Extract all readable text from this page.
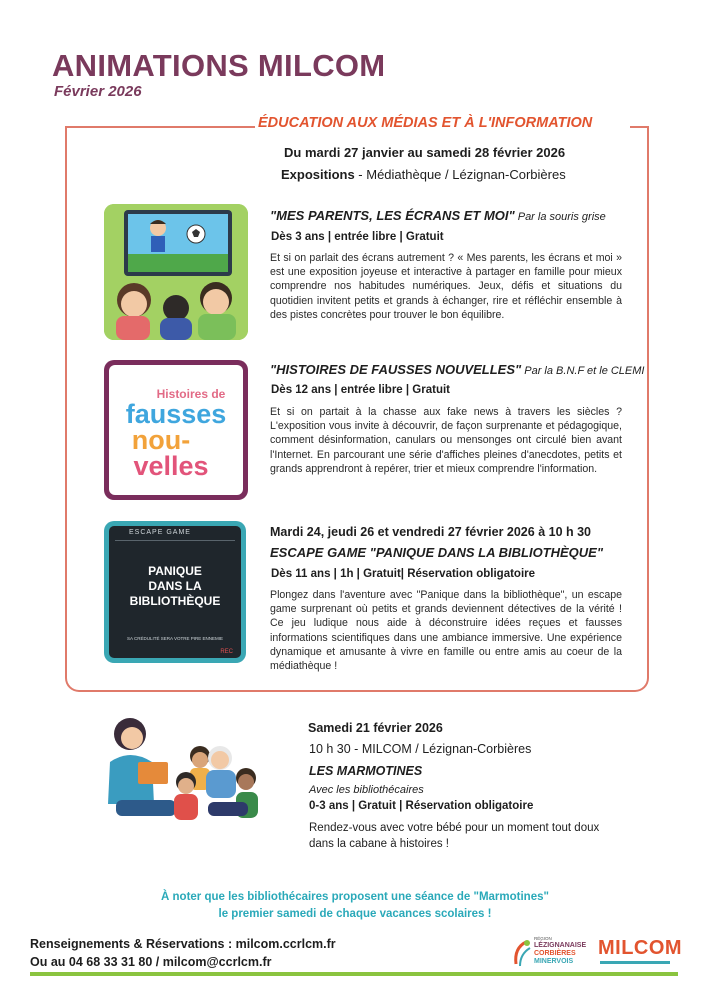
ANIMATIONS MILCOM
Février 2026
ÉDUCATION AUX MÉDIAS ET À L'INFORMATION
Du mardi 27 janvier au samedi 28 février 2026
Expositions - Médiathèque / Lézignan-Corbières
"MES PARENTS, LES ÉCRANS ET MOI" Par la souris grise
Dès 3 ans | entrée libre | Gratuit
Et si on parlait des écrans autrement ? « Mes parents, les écrans et moi » est une exposition joyeuse et interactive à partager en famille pour mieux comprendre nos habitudes numériques. Jeux, défis et situations du quotidien invitent petits et grands à échanger, rire et réfléchir ensemble à des pistes concrètes pour trouver le bon équilibre.
Histoires de
fausses
nou-
velles
"HISTOIRES DE FAUSSES NOUVELLES" Par la B.N.F et le CLEMI
Dès 12 ans | entrée libre | Gratuit
Et si on partait à la chasse aux fake news à travers les siècles ? L'exposition vous invite à découvrir, de façon surprenante et pédagogique, comment désinformation, canulars ou mensonges ont circulé bien avant l'Internet. En parcourant une série d'affiches pleines d'anecdotes, petits et grands apprendront à repérer, trier et mieux comprendre l'information.
ESCAPE GAME
PANIQUE
DANS LA
BIBLIOTHÈQUE
SA CRÉDULITÉ SERA VOTRE PIRE ENNEMIE
REC
Mardi 24, jeudi 26 et vendredi 27 février 2026 à 10 h 30
ESCAPE GAME "PANIQUE DANS LA BIBLIOTHÈQUE"
Dès 11 ans | 1h | Gratuit| Réservation obligatoire
Plongez dans l'aventure avec "Panique dans la bibliothèque", un escape game surprenant où petits et grands deviennent détectives de la vérité ! Ce jeu ludique nous aide à déconstruire idées reçues et fausses informations scientifiques dans une ambiance immersive. Une expérience dynamique et amusante à vivre en famille ou entre amis au coeur de la médiathèque !
Samedi 21 février 2026
10 h 30 - MILCOM / Lézignan-Corbières
LES MARMOTINES
Avec les bibliothécaires
0-3 ans | Gratuit | Réservation obligatoire
Rendez-vous avec votre bébé pour un moment tout doux
dans la cabane à histoires !
À noter que les bibliothécaires proposent une séance de "Marmotines"
le premier samedi de chaque vacances scolaires !
Renseignements & Réservations : milcom.ccrlcm.fr
Ou au 04 68 33 31 80 / milcom@ccrlcm.fr
RÉGION
LÉZIGNANAISE
CORBIÈRES
MINERVOIS
MILCOM
